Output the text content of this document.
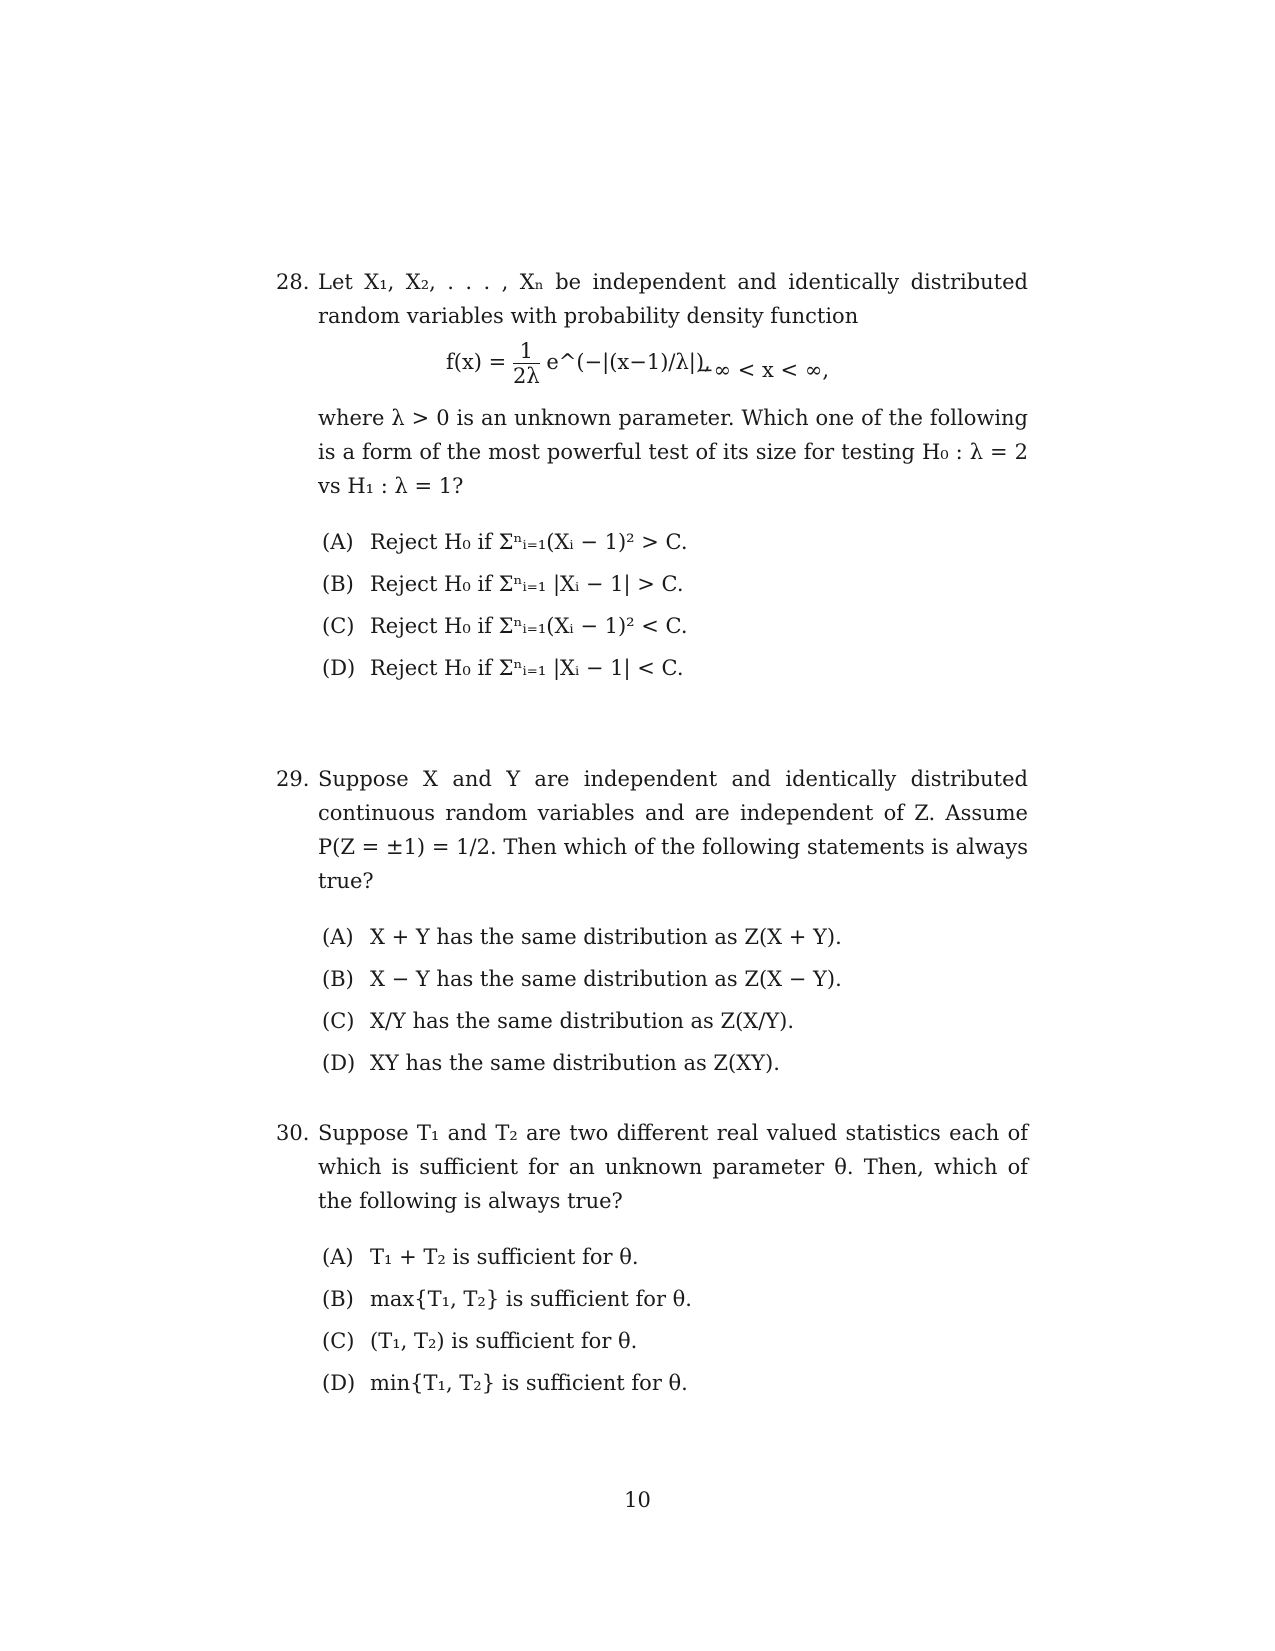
28. Let X₁, X₂, . . . , Xₙ be independent and identically distributed random variables with probability density function
$f(x) = \frac{1}{2\lambda}$ e^(−|(x−1)/λ|),
−∞ < x < ∞,
where λ > 0 is an unknown parameter. Which one of the following is a form of the most powerful test of its size for testing H₀ : λ = 2 vs H₁ : λ = 1?
(A) Reject H₀ if Σⁿᵢ₌₁(Xᵢ − 1)² > C.
(B) Reject H₀ if Σⁿᵢ₌₁ |Xᵢ − 1| > C.
(C) Reject H₀ if Σⁿᵢ₌₁(Xᵢ − 1)² < C.
(D) Reject H₀ if Σⁿᵢ₌₁ |Xᵢ − 1| < C.
29. Suppose X and Y are independent and identically distributed continuous random variables and are independent of Z. Assume P(Z = ±1) = 1/2. Then which of the following statements is always true?
(A) X + Y has the same distribution as Z(X + Y).
(B) X − Y has the same distribution as Z(X − Y).
(C) X/Y has the same distribution as Z(X/Y).
(D) XY has the same distribution as Z(XY).
30. Suppose T₁ and T₂ are two different real valued statistics each of which is sufficient for an unknown parameter θ. Then, which of the following is always true?
(A) T₁ + T₂ is sufficient for θ.
(B) max{T₁, T₂} is sufficient for θ.
(C) (T₁, T₂) is sufficient for θ.
(D) min{T₁, T₂} is sufficient for θ.
10
